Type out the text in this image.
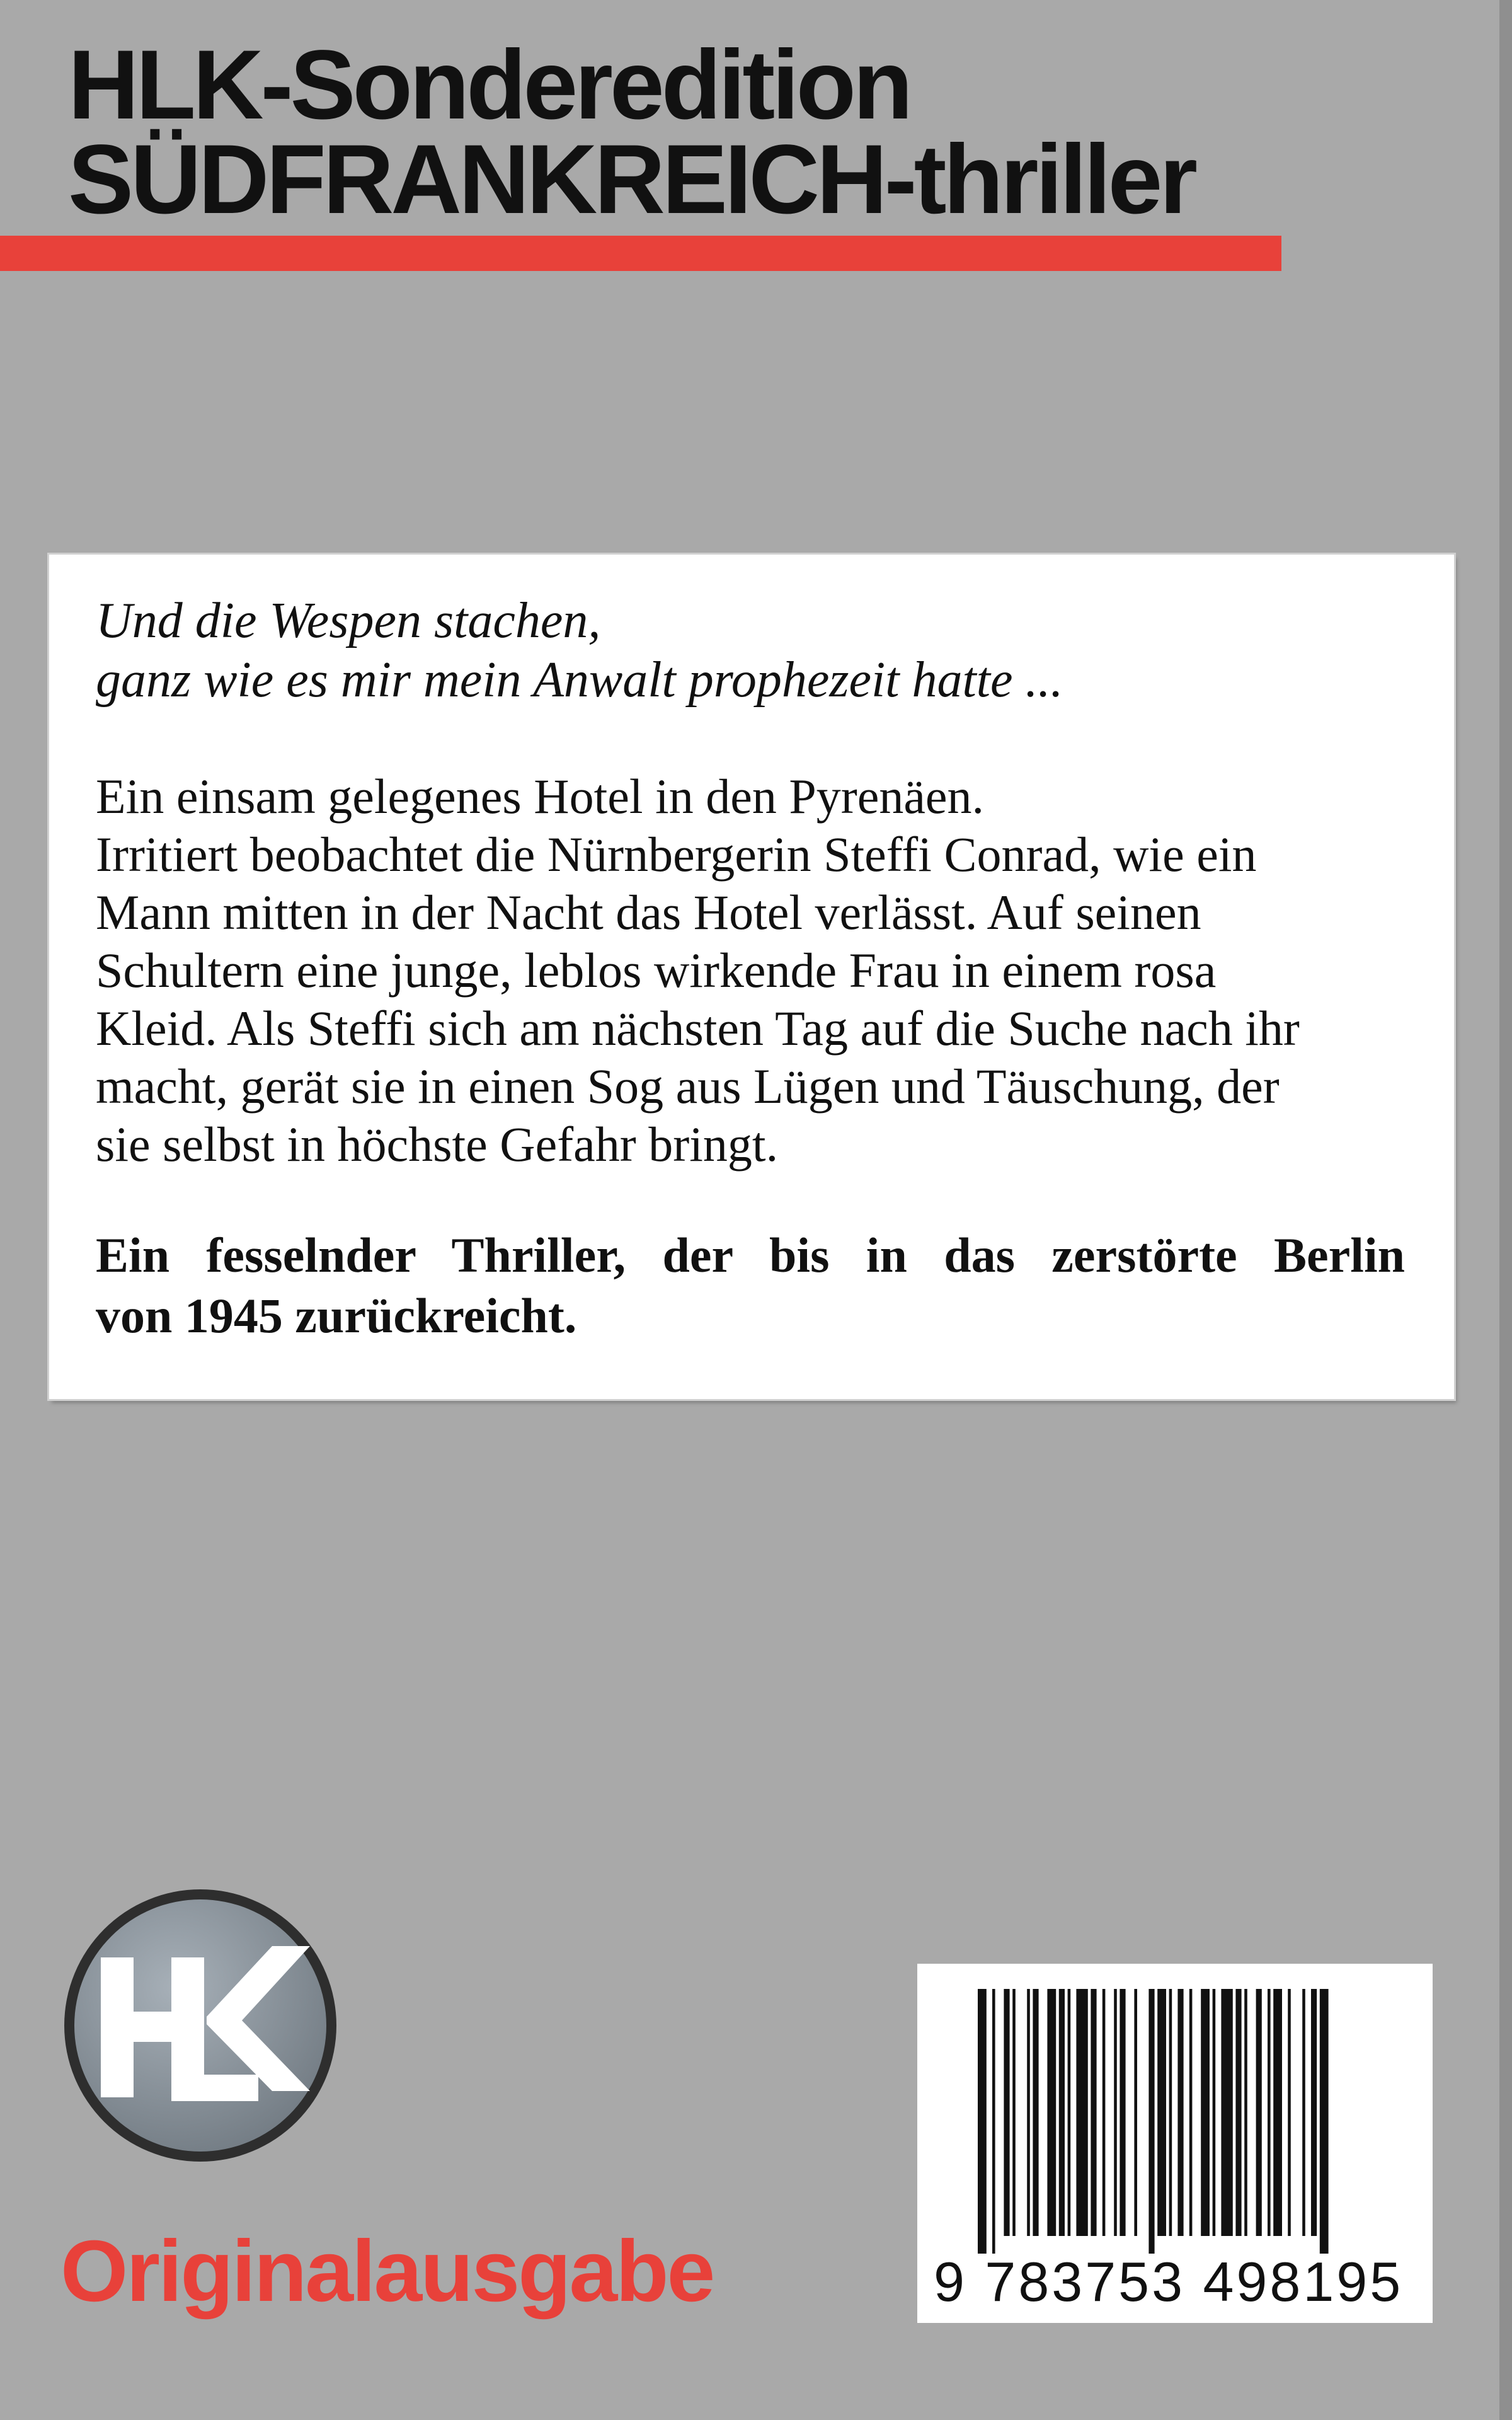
HLK-Sonderedition
SÜDFRANKREICH-thriller

Und die Wespen stachen,
ganz wie es mir mein Anwalt prophezeit hatte ...

Ein einsam gelegenes Hotel in den Pyrenäen.
Irritiert beobachtet die Nürnbergerin Steffi Conrad, wie ein
Mann mitten in der Nacht das Hotel verlässt. Auf seinen
Schultern eine junge, leblos wirkende Frau in einem rosa
Kleid. Als Steffi sich am nächsten Tag auf die Suche nach ihr
macht, gerät sie in einen Sog aus Lügen und Täuschung, der
sie selbst in höchste Gefahr bringt.

Ein fesselnder Thriller, der bis in das zerstörte Berlin
von 1945 zurückreicht.

HK
9 783753 498195
Originalausgabe
